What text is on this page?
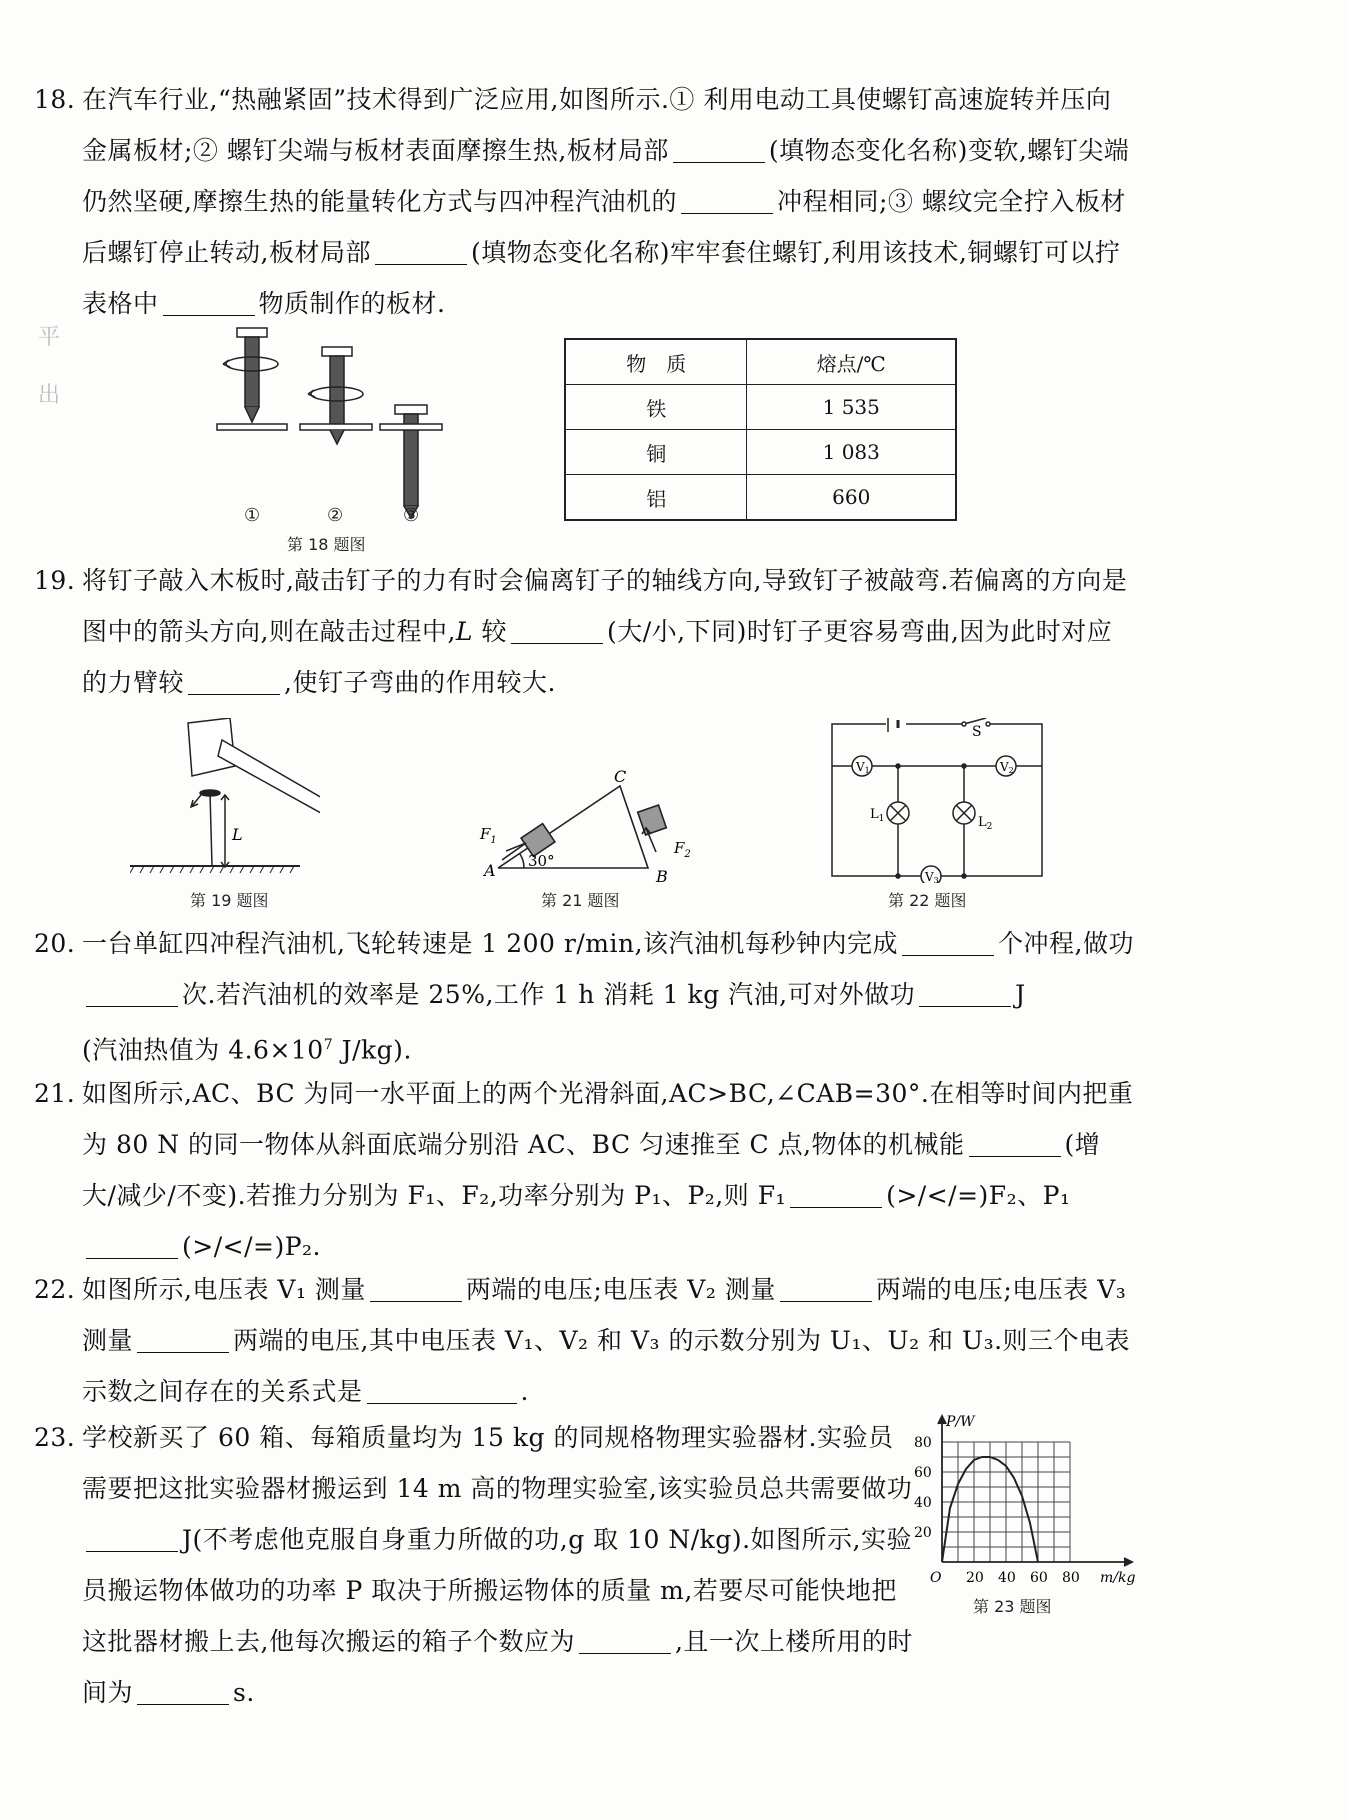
平
出
18. 在汽车行业,“热融紧固”技术得到广泛应用,如图所示.① 利用电动工具使螺钉高速旋转并压向金属板材;② 螺钉尖端与板材表面摩擦生热,板材局部	(填物态变化名称)变软,螺钉尖端仍然坚硬,摩擦生热的能量转化方式与四冲程汽油机的	冲程相同;③ 螺纹完全拧入板材后螺钉停止转动,板材局部	(填物态变化名称)牢牢套住螺钉,利用该技术,铜螺钉可以拧表格中	物质制作的板材.
①	②	③
第 18 题图
物　质	熔点/℃
铁	1 535
铜	1 083
铝	660
19. 将钉子敲入木板时,敲击钉子的力有时会偏离钉子的轴线方向,导致钉子被敲弯.若偏离的方向是图中的箭头方向,则在敲击过程中,L 较	(大/小,下同)时钉子更容易弯曲,因为此时对应的力臂较	,使钉子弯曲的作用较大.
L
第 19 题图
A	B
C
30°
$F_1$	$F_2$
第 21 题图
S
V1	V2
V3
$L_1$	$L_2$
第 22 题图
20. 一台单缸四冲程汽油机,飞轮转速是 1 200 r/min,该汽油机每秒钟内完成	个冲程,做功次.若汽油机的效率是 25%,工作 1 h 消耗 1 kg 汽油,可对外做功	J
(汽油热值为 $4.6\times 10^7$ J/kg).
21. 如图所示,AC、BC 为同一水平面上的两个光滑斜面,AC>BC,∠CAB=30°.在相等时间内把重为 80 N 的同一物体从斜面底端分别沿 AC、BC 匀速推至 C 点,物体的机械能	(增大/减少/不变).若推力分别为 F₁、F₂,功率分别为 P₁、P₂,则 F₁	(>/</=)F₂、P₁(>/</=)P₂.
22. 如图所示,电压表 V₁ 测量	两端的电压;电压表 V₂ 测量	两端的电压;电压表 V₃ 测量	两端的电压,其中电压表 V₁、V₂ 和 V₃ 的示数分别为 U₁、U₂ 和 U₃.则三个电表示数之间存在的关系式是	.
23. 学校新买了 60 箱、每箱质量均为 15 kg 的同规格物理实验器材.实验员需要把这批实验器材搬运到 14 m 高的物理实验室,该实验员总共需要做功J(不考虑他克服自身重力所做的功,g 取 10 N/kg).如图所示,实验员搬运物体做功的功率 P 取决于所搬运物体的质量 m,若要尽可能快地把这批器材搬上去,他每次搬运的箱子个数应为	,且一次上楼所用的时间为	s.
P/W
m/kg
O 20 40 60 80
20
40
60
80
第 23 题图
